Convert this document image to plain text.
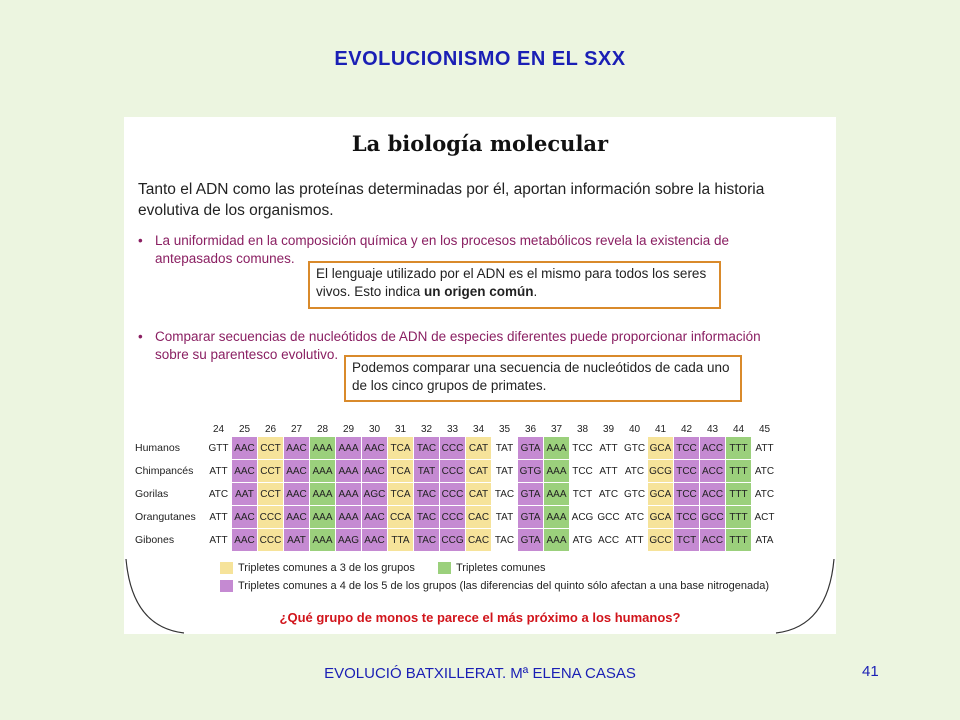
EVOLUCIONISMO EN EL SXX
La biología molecular
Tanto el ADN como las proteínas determinadas por él, aportan información sobre la historia evolutiva de los organismos.
• La uniformidad en la composición química y en los procesos metabólicos revela la existencia de antepasados comunes.
El lenguaje utilizado por el ADN es el mismo para todos los seres vivos. Esto indica un origen común.
• Comparar secuencias de nucleótidos de ADN de especies diferentes puede proporcionar información sobre su parentesco evolutivo.
Podemos comparar una secuencia de nucleótidos de cada uno de los cinco grupos de primates.
	24	25	26	27	28	29	30	31	32	33	34	35	36	37	38	39	40	41	42	43	44	45
Humanos	GTT	AAC	CCT	AAC	AAA	AAA	AAC	TCA	TAC	CCC	CAT	TAT	GTA	AAA	TCC	ATT	GTC	GCA	TCC	ACC	TTT	ATT
Chimpancés	ATT	AAC	CCT	AAC	AAA	AAA	AAC	TCA	TAT	CCC	CAT	TAT	GTG	AAA	TCC	ATT	ATC	GCG	TCC	ACC	TTT	ATC
Gorilas	ATC	AAT	CCT	AAC	AAA	AAA	AGC	TCA	TAC	CCC	CAT	TAC	GTA	AAA	TCT	ATC	GTC	GCA	TCC	ACC	TTT	ATC
Orangutanes	ATT	AAC	CCC	AAC	AAA	AAA	AAC	CCA	TAC	CCC	CAC	TAT	GTA	AAA	ACG	GCC	ATC	GCA	TCC	GCC	TTT	ACT
Gibones	ATT	AAC	CCC	AAT	AAA	AAG	AAC	TTA	TAC	CCG	CAC	TAC	GTA	AAA	ATG	ACC	ATT	GCC	TCT	ACC	TTT	ATA
Tripletes comunes a 3 de los grupos	Tripletes comunes
Tripletes comunes a 4 de los 5 de los grupos (las diferencias del quinto sólo afectan a una base nitrogenada)
¿Qué grupo de monos te parece el más próximo a los humanos?
EVOLUCIÓ BATXILLERAT. Mª ELENA CASAS	41
